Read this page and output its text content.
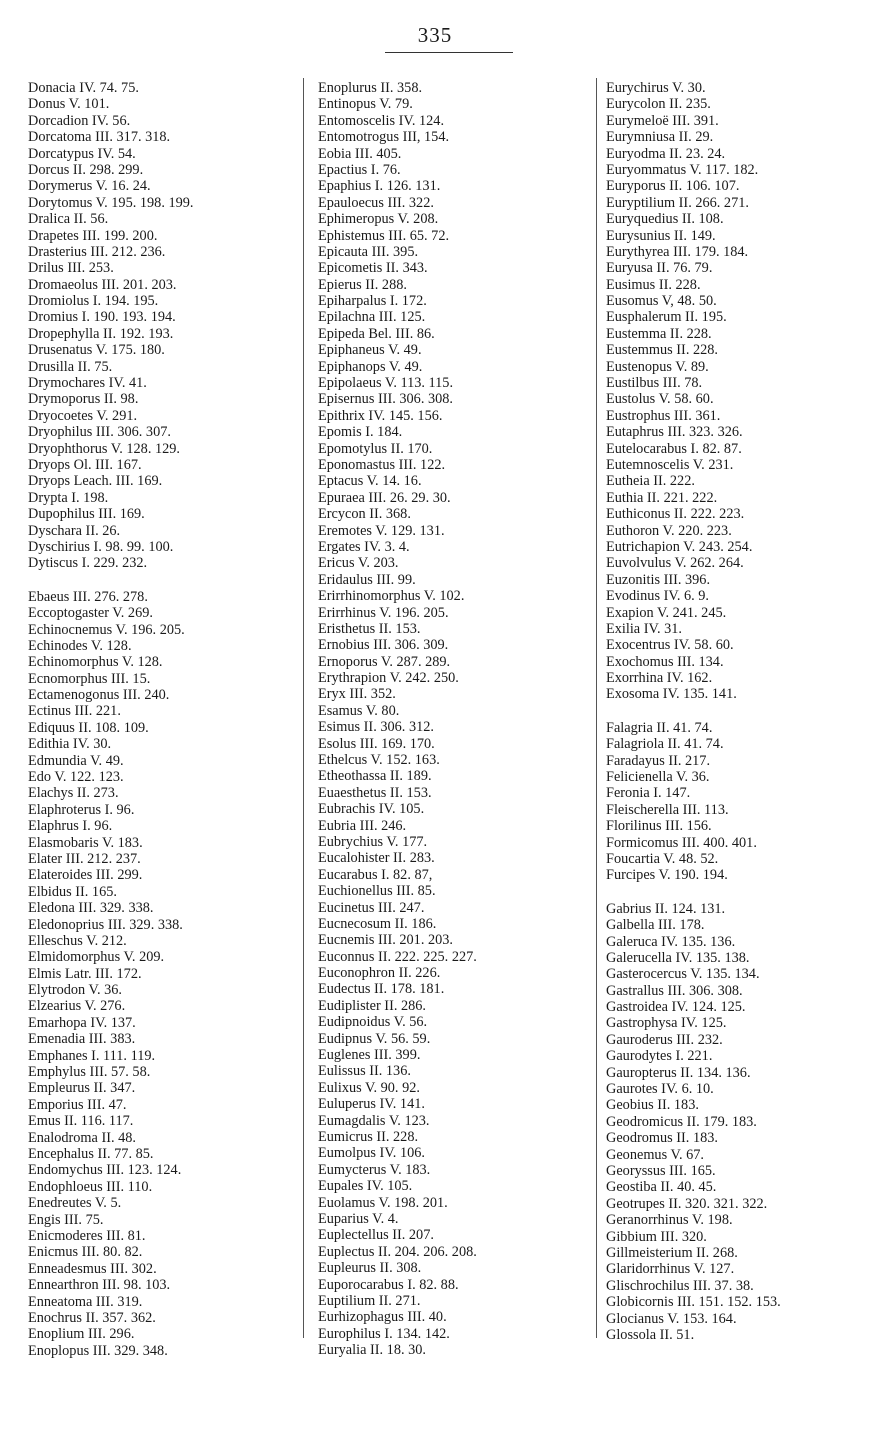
335
Donacia IV. 74. 75.
Donus V. 101.
Dorcadion IV. 56.
Dorcatoma III. 317. 318.
Dorcatypus IV. 54.
Dorcus II. 298. 299.
Dorymerus V. 16. 24.
Dorytomus V. 195. 198. 199.
Dralica II. 56.
Drapetes III. 199. 200.
Drasterius III. 212. 236.
Drilus III. 253.
Dromaeolus III. 201. 203.
Dromiolus I. 194. 195.
Dromius I. 190. 193. 194.
Dropephylla II. 192. 193.
Drusenatus V. 175. 180.
Drusilla II. 75.
Drymochares IV. 41.
Drymoporus II. 98.
Dryocoetes V. 291.
Dryophilus III. 306. 307.
Dryophthorus V. 128. 129.
Dryops Ol. III. 167.
Dryops Leach. III. 169.
Drypta I. 198.
Dupophilus III. 169.
Dyschara II. 26.
Dyschirius I. 98. 99. 100.
Dytiscus I. 229. 232.
Ebaeus III. 276. 278.
Eccoptogaster V. 269.
Echinocnemus V. 196. 205.
Echinodes V. 128.
Echinomorphus V. 128.
Ecnomorphus III. 15.
Ectamenogonus III. 240.
Ectinus III. 221.
Ediquus II. 108. 109.
Edithia IV. 30.
Edmundia V. 49.
Edo V. 122. 123.
Elachys II. 273.
Elaphroterus I. 96.
Elaphrus I. 96.
Elasmobaris V. 183.
Elater III. 212. 237.
Elateroides III. 299.
Elbidus II. 165.
Eledona III. 329. 338.
Eledonoprius III. 329. 338.
Elleschus V. 212.
Elmidomorphus V. 209.
Elmis Latr. III. 172.
Elytrodon V. 36.
Elzearius V. 276.
Emarhopa IV. 137.
Emenadia III. 383.
Emphanes I. 111. 119.
Emphylus III. 57. 58.
Empleurus II. 347.
Emporius III. 47.
Emus II. 116. 117.
Enalodroma II. 48.
Encephalus II. 77. 85.
Endomychus III. 123. 124.
Endophloeus III. 110.
Enedreutes V. 5.
Engis III. 75.
Enicmoderes III. 81.
Enicmus III. 80. 82.
Enneadesmus III. 302.
Ennearthron III. 98. 103.
Enneatoma III. 319.
Enochrus II. 357. 362.
Enoplium III. 296.
Enoplopus III. 329. 348.
Enoplurus II. 358.
Entinopus V. 79.
Entomoscelis IV. 124.
Entomotrogus III, 154.
Eobia III. 405.
Epactius I. 76.
Epaphius I. 126. 131.
Epauloecus III. 322.
Ephimeropus V. 208.
Ephistemus III. 65. 72.
Epicauta III. 395.
Epicometis II. 343.
Epierus II. 288.
Epiharpalus I. 172.
Epilachna III. 125.
Epipeda Bel. III. 86.
Epiphaneus V. 49.
Epiphanops V. 49.
Epipolaeus V. 113. 115.
Episernus III. 306. 308.
Epithrix IV. 145. 156.
Epomis I. 184.
Epomotylus II. 170.
Eponomastus III. 122.
Eptacus V. 14. 16.
Epuraea III. 26. 29. 30.
Ercycon II. 368.
Eremotes V. 129. 131.
Ergates IV. 3. 4.
Ericus V. 203.
Eridaulus III. 99.
Erirrhinomorphus V. 102.
Erirrhinus V. 196. 205.
Eristhetus II. 153.
Ernobius III. 306. 309.
Ernoporus V. 287. 289.
Erythrapion V. 242. 250.
Eryx III. 352.
Esamus V. 80.
Esimus II. 306. 312.
Esolus III. 169. 170.
Ethelcus V. 152. 163.
Etheothassa II. 189.
Euaesthetus II. 153.
Eubrachis IV. 105.
Eubria III. 246.
Eubrychius V. 177.
Eucalohister II. 283.
Eucarabus I. 82. 87,
Euchionellus III. 85.
Eucinetus III. 247.
Eucnecosum II. 186.
Eucnemis III. 201. 203.
Euconnus II. 222. 225. 227.
Euconophron II. 226.
Eudectus II. 178. 181.
Eudiplister II. 286.
Eudipnoidus V. 56.
Eudipnus V. 56. 59.
Euglenes III. 399.
Eulissus II. 136.
Eulixus V. 90. 92.
Euluperus IV. 141.
Eumagdalis V. 123.
Eumicrus II. 228.
Eumolpus IV. 106.
Eumycterus V. 183.
Eupales IV. 105.
Euolamus V. 198. 201.
Euparius V. 4.
Euplectellus II. 207.
Euplectus II. 204. 206. 208.
Eupleurus II. 308.
Euporocarabus I. 82. 88.
Euptilium II. 271.
Eurhizophagus III. 40.
Europhilus I. 134. 142.
Euryalia II. 18. 30.
Eurychirus V. 30.
Eurycolon II. 235.
Eurymeloë III. 391.
Eurymniusa II. 29.
Euryodma II. 23. 24.
Euryommatus V. 117. 182.
Euryporus II. 106. 107.
Euryptilium II. 266. 271.
Euryquedius II. 108.
Eurysunius II. 149.
Eurythyrea III. 179. 184.
Euryusa II. 76. 79.
Eusimus II. 228.
Eusomus V, 48. 50.
Eusphalerum II. 195.
Eustemma II. 228.
Eustemmus II. 228.
Eustenopus V. 89.
Eustilbus III. 78.
Eustolus V. 58. 60.
Eustrophus III. 361.
Eutaphrus III. 323. 326.
Eutelocarabus I. 82. 87.
Eutemnoscelis V. 231.
Eutheia II. 222.
Euthia II. 221. 222.
Euthiconus II. 222. 223.
Euthoron V. 220. 223.
Eutrichapion V. 243. 254.
Euvolvulus V. 262. 264.
Euzonitis III. 396.
Evodinus IV. 6. 9.
Exapion V. 241. 245.
Exilia IV. 31.
Exocentrus IV. 58. 60.
Exochomus III. 134.
Exorrhina IV. 162.
Exosoma IV. 135. 141.
Falagria II. 41. 74.
Falagriola II. 41. 74.
Faradayus II. 217.
Felicienella V. 36.
Feronia I. 147.
Fleischerella III. 113.
Florilinus III. 156.
Formicomus III. 400. 401.
Foucartia V. 48. 52.
Furcipes V. 190. 194.
Gabrius II. 124. 131.
Galbella III. 178.
Galeruca IV. 135. 136.
Galerucella IV. 135. 138.
Gasterocercus V. 135. 134.
Gastrallus III. 306. 308.
Gastroidea IV. 124. 125.
Gastrophysa IV. 125.
Gauroderus III. 232.
Gaurodytes I. 221.
Gauropterus II. 134. 136.
Gaurotes IV. 6. 10.
Geobius II. 183.
Geodromicus II. 179. 183.
Geodromus II. 183.
Geonemus V. 67.
Georyssus III. 165.
Geostiba II. 40. 45.
Geotrupes II. 320. 321. 322.
Geranorrhinus V. 198.
Gibbium III. 320.
Gillmeisterium II. 268.
Glaridorrhinus V. 127.
Glischrochilus III. 37. 38.
Globicornis III. 151. 152. 153.
Glocianus V. 153. 164.
Glossola II. 51.
